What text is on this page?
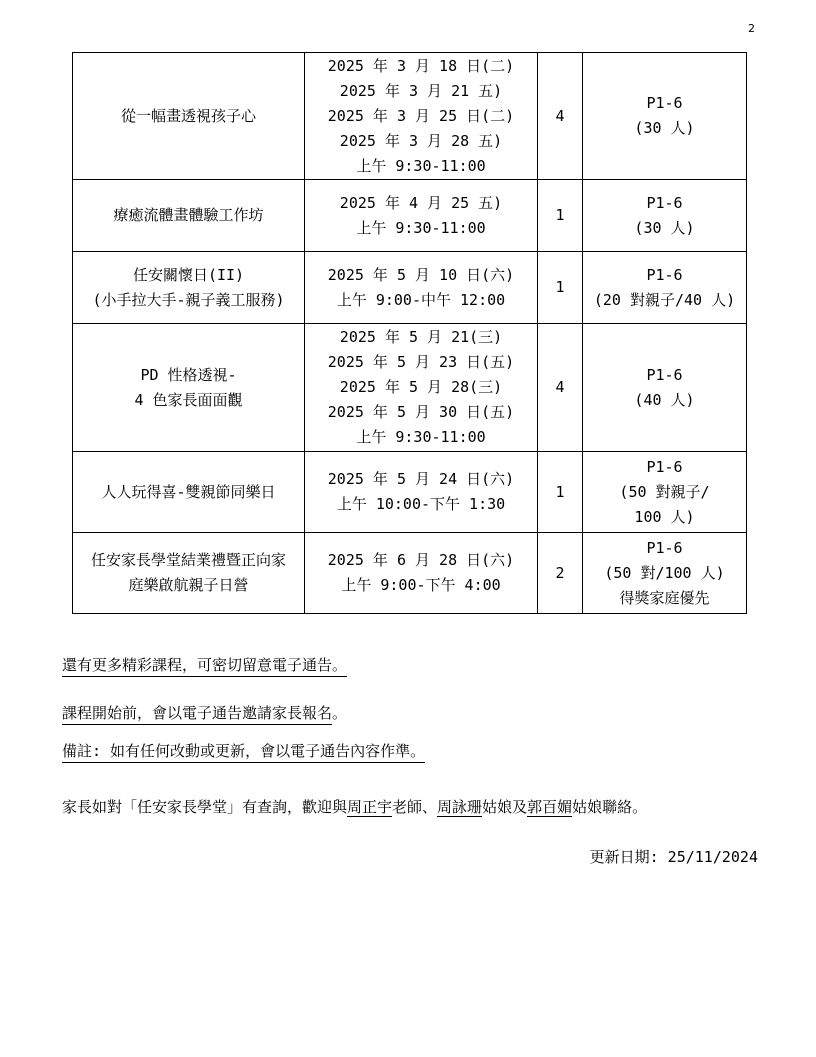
2
從一幅畫透視孩子心	2025 年 3 月 18 日(二)
2025 年 3 月 21 五)
2025 年 3 月 25 日(二)
2025 年 3 月 28 五)
上午 9:30-11:00	4	P1-6
(30 人)

療癒流體畫體驗工作坊	2025 年 4 月 25 五)
上午 9:30-11:00	1	P1-6
(30 人)

任安關懷日(II)
(小手拉大手-親子義工服務)	2025 年 5 月 10 日(六)
上午 9:00-中午 12:00	1	P1-6
(20 對親子/40 人)

PD 性格透視-
4 色家長面面觀	2025 年 5 月 21(三)
2025 年 5 月 23 日(五)
2025 年 5 月 28(三)
2025 年 5 月 30 日(五)
上午 9:30-11:00	4	P1-6
(40 人)

人人玩得喜-雙親節同樂日	2025 年 5 月 24 日(六)
上午 10:00-下午 1:30	1	P1-6
(50 對親子/
100 人)

任安家長學堂結業禮暨正向家
庭樂啟航親子日營	2025 年 6 月 28 日(六)
上午 9:00-下午 4:00	2	P1-6
(50 對/100 人)
得獎家庭優先
還有更多精彩課程，可密切留意電子通告。
課程開始前，會以電子通告邀請家長報名。
備註: 如有任何改動或更新，會以電子通告內容作準。
家長如對「任安家長學堂」有查詢，歡迎與周正宇老師、周詠珊姑娘及郭百媚姑娘聯絡。
更新日期: 25/11/2024
